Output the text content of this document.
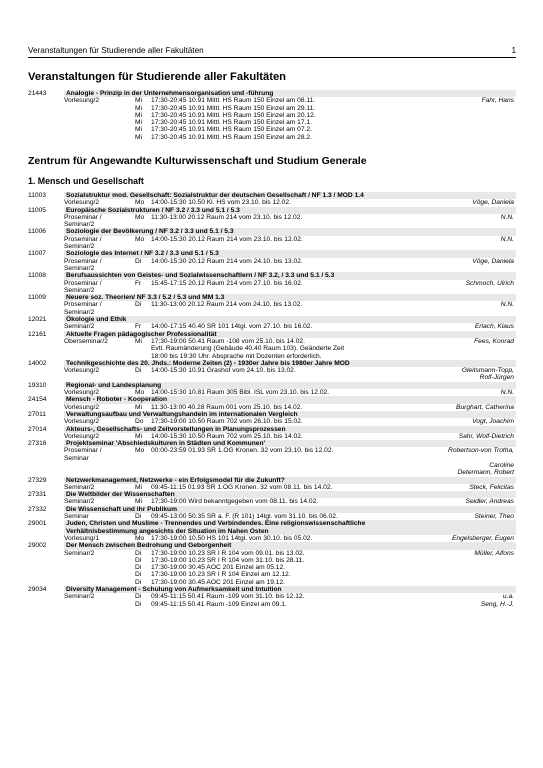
Veranstaltungen für Studierende aller Fakultäten	1
Veranstaltungen für Studierende aller Fakultäten
21443	Analogie - Prinzip in der Unternehmensorganisation und -führung
Vorlesung/2	Mi	17:30-20:45 10.91 Mittl. HS Raum 150 Einzel am 08.11.	Fahr, Hans
Mi	17:30-20:45 10.91 Mittl. HS Raum 150 Einzel am 29.11.
Mi	17:30-20:45 10.91 Mittl. HS Raum 150 Einzel am 20.12.
Mi	17:30-20:45 10.91 Mittl. HS Raum 150 Einzel am 17.1.
Mi	17:30-20:45 10.91 Mittl. HS Raum 150 Einzel am 07.2.
Mi	17:30-20:45 10.91 Mittl. HS Raum 150 Einzel am 28.2.
Zentrum für Angewandte Kulturwissenschaft und Studium Generale
1. Mensch und Gesellschaft
11003	Sozialstruktur mod. Gesellschaft: Sozialstruktur der deutschen Gesellschaft / NF 1.3 / MOD 1.4
Vorlesung/2	Mo	14:00-15:30 10.50 Kl. HS vom 23.10. bis 12.02.	Vöge, Daniela
11005	Europäische Sozialstrukturen / NF 3.2 / 3.3 und 5.1 / 5.3
Proseminar /	Mo	11:30-13:00 20.12 Raum 214 vom 23.10. bis 12.02.	N.N.
Seminar/2

11006	Soziologie der Bevölkerung / NF 3.2 / 3.3 und 5.1 / 5.3
Proseminar /	Mo	14:00-15:30 20.12 Raum 214 vom 23.10. bis 12.02.	N.N.
Seminar/2

11007	Soziologie des Internet / NF 3.2 / 3.3 und 5.1 / 5.3
Proseminar /	Di	14:00-15:30 20.12 Raum 214 vom 24.10. bis 13.02.	Vöge, Daniela
Seminar/2

11008	Berufsaussichten von Geistes- und Sozialwissenschaftlern / NF 3.2, / 3.3 und 5.1 / 5.3
Proseminar /	Fr	15:45-17:15 20.12 Raum 214 vom 27.10. bis 16.02.	Schmoch, Ulrich
Seminar/2

11009	Neuere soz. Theorien/ NF 3.3 / 5.2 / 5.3 und MM 1.3
Proseminar /	Di	11:30-13:00 20.12 Raum 214 vom 24.10. bis 13.02.	N.N.
Seminar/2

12021	Ökologie und Ethik
Seminar/2	Fr	14:00-17:15 40.40 SR 101 14tgl. vom 27.10. bis 16.02.	Erlach, Klaus
12161	Aktuelle Fragen pädagogischer Professionalität
Oberseminar/2	Mi	17:30-19:00 50.41 Raum -108 vom 25.10. bis 14.02.	Fees, Konrad
Evtl. Raumänderung (Gebäude 40.40 Raum 103). Geänderte Zeit
18:00 bis 19:30 Uhr. Absprache mit Dozenten erforderlich.
14002	Technikgeschichte des 20. Jhds.: Moderne Zeiten (2) - 1930er Jahre bis 1980er Jahre MOD
Vorlesung/2	Di	14:00-15:30 10.91 Grashof vom 24.10. bis 13.02.	Gleitsmann-Topp,
Rolf-Jürgen
19310	Regional- und Landesplanung
Vorlesung/2	Mo	14:00-15:30 10.81 Raum 305 Bibl. ISL vom 23.10. bis 12.02.	N.N.
24154	Mensch - Roboter - Kooperation
Vorlesung/2	Mi	11:30-13:00 40.28 Raum 001 vom 25.10. bis 14.02.	Burghart, Catherina
27011	Verwaltungsaufbau und Verwaltungshandeln im internationalen Vergleich
Vorlesung/2	Do	17:30-19:00 10.50 Raum 702 vom 26.10. bis 15.02.	Vogt, Joachim
27014	Akteurs-, Gesellschafts- und Zeitvorstellungen in Planungsprozessen
Vorlesung/2	Mi	14:00-15:30 10.50 Raum 702 vom 25.10. bis 14.02.	Sahr, Wolf-Dietrich
27316	Projektseminar 'Abschiedskulturen in Städten und Kommunen'
Proseminar /	Mo	00:00-23:59 01.93 SR 1.OG Kronen. 32 vom 23.10. bis 12.02.	Robertson-von Trotha,
Seminar

Caroline
Determann, Robert
27329	Netzwerkmanagement, Netzwerke - ein Erfolgsmodel für die Zukunft?
Seminar/2	Mi	09:45-11:15 01.93 SR 1.OG Kronen. 32 vom 08.11. bis 14.02.	Steck, Felicitas
27331	Die Weltbilder der Wissenschaften
Seminar/2	Mi	17:30-19:00 Wird bekanntgegeben vom 08.11. bis 14.02.	Seidler, Andreas
27332	Die Wissenschaft und ihr Publikum
Seminar	Di	09:45-13:00 50.35 SR a. F. (R 101) 14tgl. vom 31.10. bis 06.02.	Steiner, Theo
29001	Juden, Christen und Muslime - Trennendes und Verbindendes. Eine religionswissenschaftliche
Verhältnisbestimmung angesichts der Situation im Nahen Osten
Vorlesung/1	Mo	17:30-19:00 10.50 HS 101 14tgl. vom 30.10. bis 05.02.	Engelsberger, Eugen
29002	Der Mensch zwischen Bedrohung und Geborgenheit
Seminar/2	Di	17:30-19:00 10.23 SR I R 104 vom 09.01. bis 13.02.	Müller, Alfons
Di	17:30-19:00 10.23 SR I R 104 vom 31.10. bis 28.11.
Di	17:30-19:00 30.45 AOC 201 Einzel am 05.12.
Di	17:30-19:00 10.23 SR I R 104 Einzel am 12.12.
Di	17:30-19:00 30.45 AOC 201 Einzel am 19.12.
29034	Diversity Management - Schulung von Aufmerksamkeit und Intuition
Seminar/2	Di	09:45-11:15 50.41 Raum -109 vom 31.10. bis 12.12.	u.a.
Di	09:45-11:15 50.41 Raum -109 Einzel am 09.1.	Seng, H.-J.
